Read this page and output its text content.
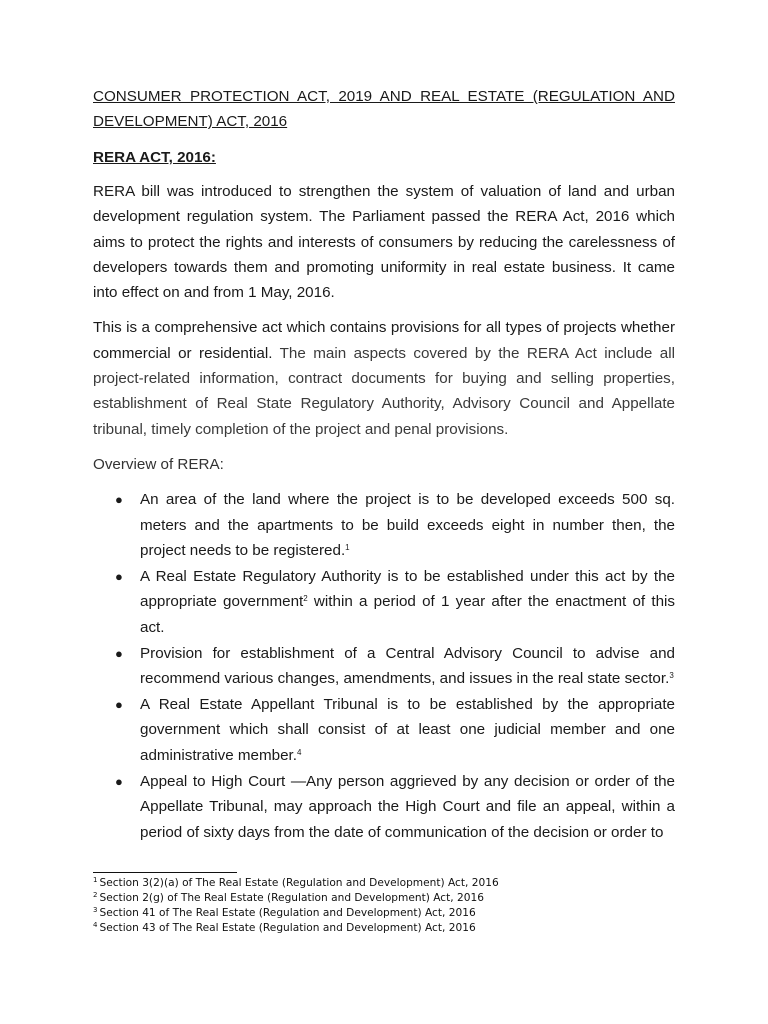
CONSUMER PROTECTION ACT, 2019 AND REAL ESTATE (REGULATION AND
DEVELOPMENT) ACT, 2016
RERA ACT, 2016:

RERA bill was introduced to strengthen the system of valuation of land and urban development regulation system. The Parliament passed the RERA Act, 2016 which aims to protect the rights and interests of consumers by reducing the carelessness of developers towards them and promoting uniformity in real estate business. It came into effect on and from 1 May, 2016.

This is a comprehensive act which contains provisions for all types of projects whether commercial or residential. The main aspects covered by the RERA Act include all project-related information, contract documents for buying and selling properties, establishment of Real State Regulatory Authority, Advisory Council and Appellate tribunal, timely completion of the project and penal provisions.

Overview of RERA:
● An area of the land where the project is to be developed exceeds 500 sq. meters and the apartments to be build exceeds eight in number then, the project needs to be registered.$^1$
● A Real Estate Regulatory Authority is to be established under this act by the appropriate government$^2$ within a period of 1 year after the enactment of this act.
● Provision for establishment of a Central Advisory Council to advise and recommend various changes, amendments, and issues in the real state sector.$^3$
● A Real Estate Appellant Tribunal is to be established by the appropriate government which shall consist of at least one judicial member and one administrative member.$^4$
● Appeal to High Court —Any person aggrieved by any decision or order of the Appellate Tribunal, may approach the High Court and file an appeal, within a period of sixty days from the date of communication of the decision or order to
$^1$ Section 3(2)(a) of The Real Estate (Regulation and Development) Act, 2016
$^2$ Section 2(g) of The Real Estate (Regulation and Development) Act, 2016
$^3$ Section 41 of The Real Estate (Regulation and Development) Act, 2016
$^4$ Section 43 of The Real Estate (Regulation and Development) Act, 2016
